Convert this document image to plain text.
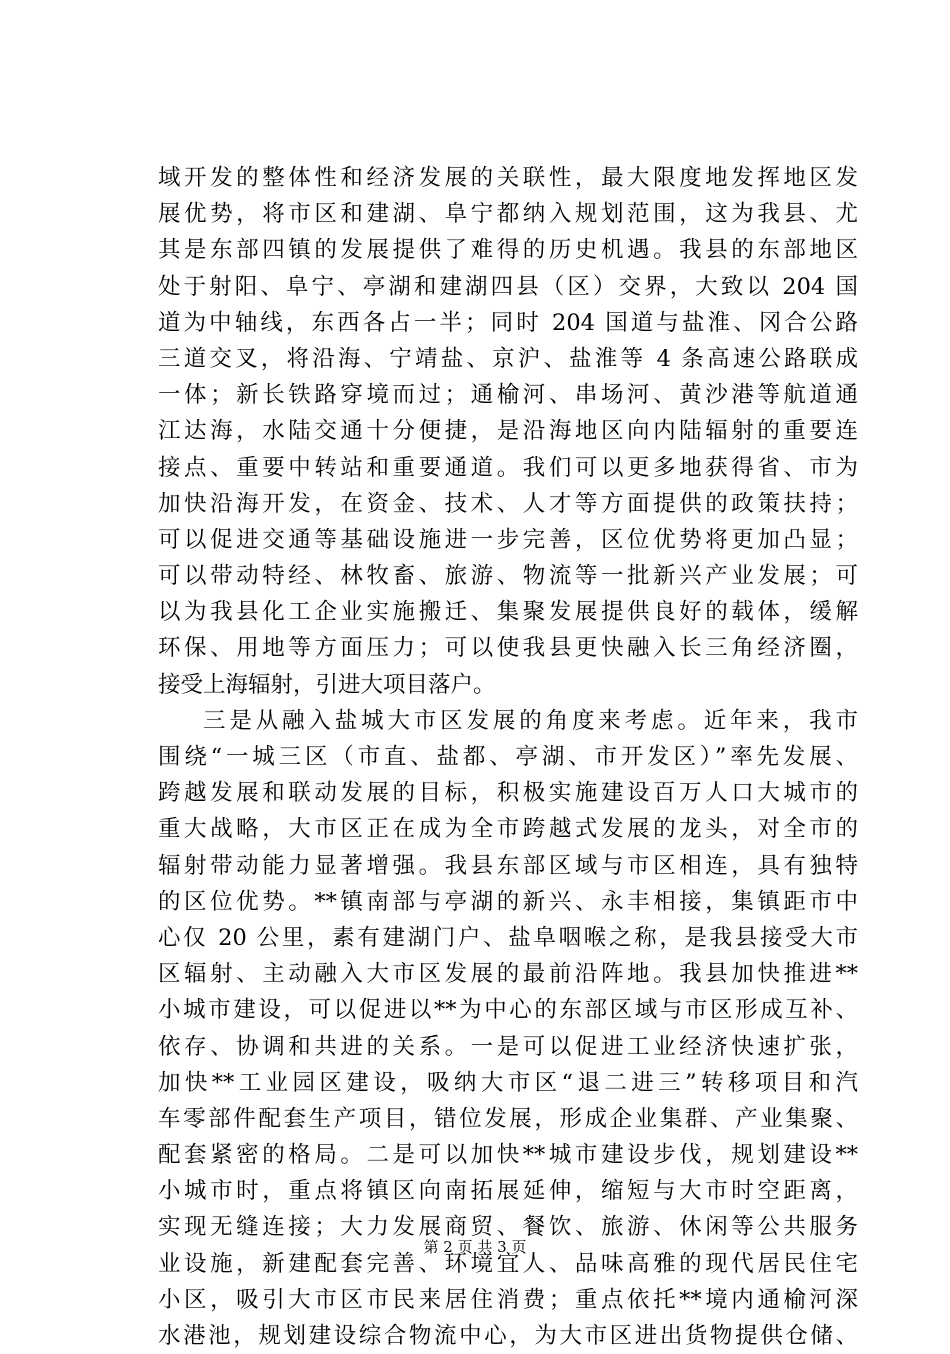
域开发的整体性和经济发展的关联性，最大限度地发挥地区发
展优势，将市区和建湖、阜宁都纳入规划范围，这为我县、尤
其是东部四镇的发展提供了难得的历史机遇。我县的东部地区
处于射阳、阜宁、亭湖和建湖四县（区）交界，大致以 204 国
道为中轴线，东西各占一半；同时 204 国道与盐淮、冈合公路
三道交叉，将沿海、宁靖盐、京沪、盐淮等 4 条高速公路联成
一体；新长铁路穿境而过；通榆河、串场河、黄沙港等航道通
江达海，水陆交通十分便捷，是沿海地区向内陆辐射的重要连
接点、重要中转站和重要通道。我们可以更多地获得省、市为
加快沿海开发，在资金、技术、人才等方面提供的政策扶持；
可以促进交通等基础设施进一步完善，区位优势将更加凸显；
可以带动特经、林牧畜、旅游、物流等一批新兴产业发展；可
以为我县化工企业实施搬迁、集聚发展提供良好的载体，缓解
环保、用地等方面压力；可以使我县更快融入长三角经济圈，
接受上海辐射，引进大项目落户。
三是从融入盐城大市区发展的角度来考虑。近年来，我市
围绕“一城三区（市直、盐都、亭湖、市开发区）”率先发展、
跨越发展和联动发展的目标，积极实施建设百万人口大城市的
重大战略，大市区正在成为全市跨越式发展的龙头，对全市的
辐射带动能力显著增强。我县东部区域与市区相连，具有独特
的区位优势。**镇南部与亭湖的新兴、永丰相接，集镇距市中
心仅 20 公里，素有建湖门户、盐阜咽喉之称，是我县接受大市
区辐射、主动融入大市区发展的最前沿阵地。我县加快推进**
小城市建设，可以促进以**为中心的东部区域与市区形成互补、
依存、协调和共进的关系。一是可以促进工业经济快速扩张，
加快**工业园区建设，吸纳大市区“退二进三”转移项目和汽
车零部件配套生产项目，错位发展，形成企业集群、产业集聚、
配套紧密的格局。二是可以加快**城市建设步伐，规划建设**
小城市时，重点将镇区向南拓展延伸，缩短与大市时空距离，
实现无缝连接；大力发展商贸、餐饮、旅游、休闲等公共服务
业设施，新建配套完善、环境宜人、品味高雅的现代居民住宅
小区，吸引大市区市民来居住消费；重点依托**境内通榆河深
水港池，规划建设综合物流中心，为大市区进出货物提供仓储、
第 2 页 共 3 页
